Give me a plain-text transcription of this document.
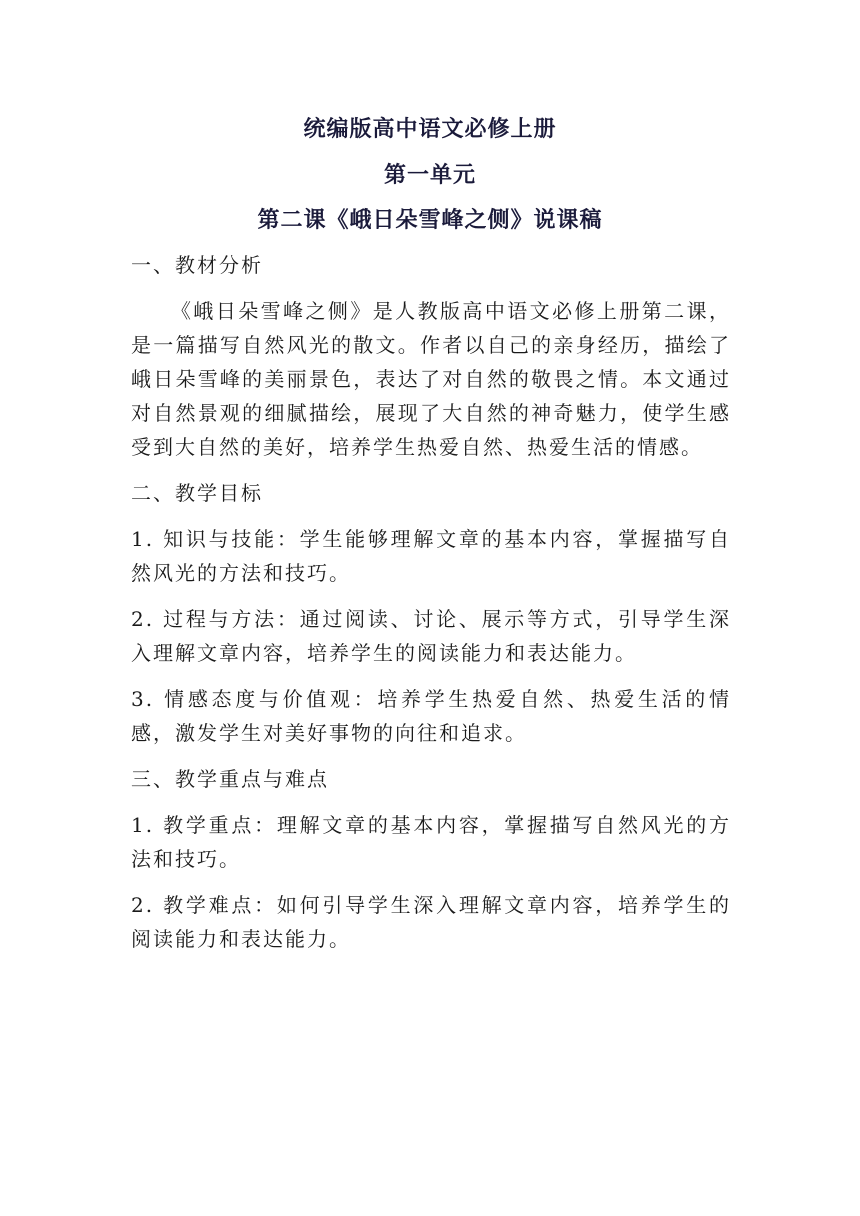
统编版高中语文必修上册
第一单元
第二课《峨日朵雪峰之侧》说课稿

一、教材分析

《峨日朵雪峰之侧》是人教版高中语文必修上册第二课，是一篇描写自然风光的散文。作者以自己的亲身经历，描绘了峨日朵雪峰的美丽景色，表达了对自然的敬畏之情。本文通过对自然景观的细腻描绘，展现了大自然的神奇魅力，使学生感受到大自然的美好，培养学生热爱自然、热爱生活的情感。

二、教学目标

1. 知识与技能：学生能够理解文章的基本内容，掌握描写自然风光的方法和技巧。

2. 过程与方法：通过阅读、讨论、展示等方式，引导学生深入理解文章内容，培养学生的阅读能力和表达能力。

3. 情感态度与价值观：培养学生热爱自然、热爱生活的情感，激发学生对美好事物的向往和追求。

三、教学重点与难点

1. 教学重点：理解文章的基本内容，掌握描写自然风光的方法和技巧。

2. 教学难点：如何引导学生深入理解文章内容，培养学生的阅读能力和表达能力。
